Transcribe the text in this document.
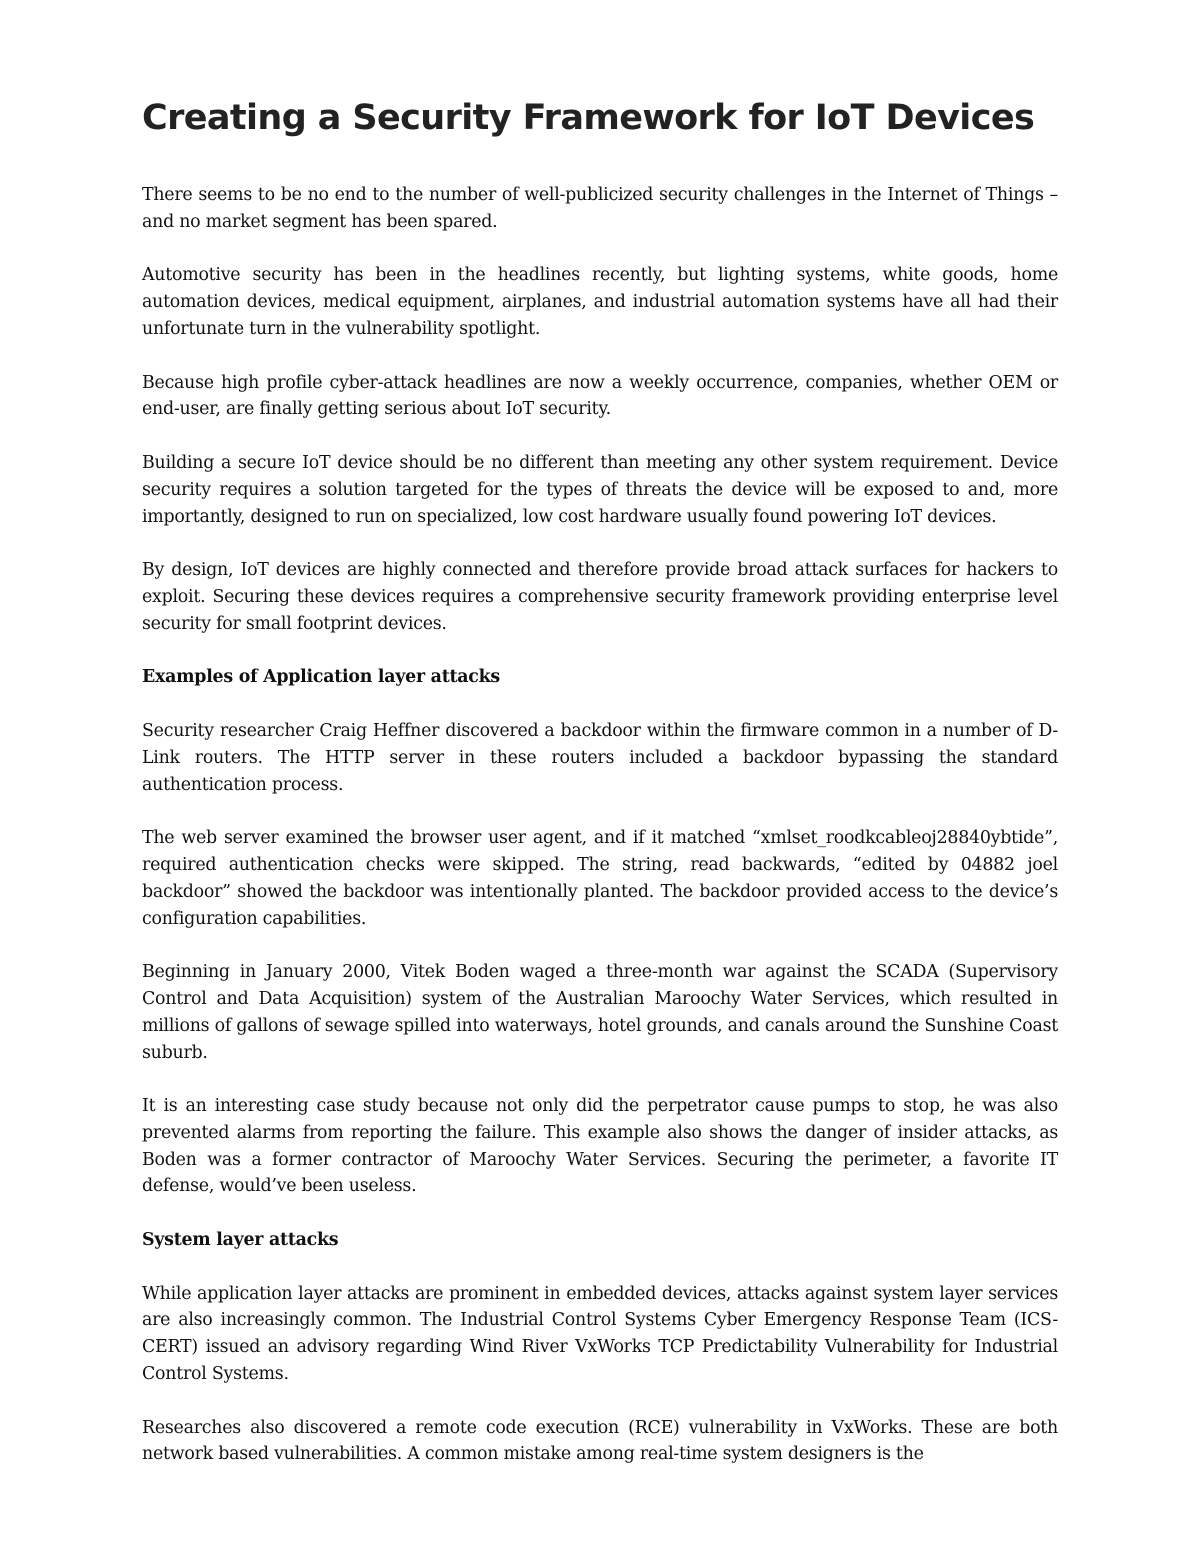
Creating a Security Framework for IoT Devices

There seems to be no end to the number of well-publicized security challenges in the Internet of Things – and no market segment has been spared.

Automotive security has been in the headlines recently, but lighting systems, white goods, home automation devices, medical equipment, airplanes, and industrial automation systems have all had their unfortunate turn in the vulnerability spotlight.

Because high profile cyber-attack headlines are now a weekly occurrence, companies, whether OEM or end-user, are finally getting serious about IoT security.

Building a secure IoT device should be no different than meeting any other system requirement. Device security requires a solution targeted for the types of threats the device will be exposed to and, more importantly, designed to run on specialized, low cost hardware usually found powering IoT devices.

By design, IoT devices are highly connected and therefore provide broad attack surfaces for hackers to exploit. Securing these devices requires a comprehensive security framework providing enterprise level security for small footprint devices.

Examples of Application layer attacks

Security researcher Craig Heffner discovered a backdoor within the firmware common in a number of D-Link routers. The HTTP server in these routers included a backdoor bypassing the standard authentication process.

The web server examined the browser user agent, and if it matched “xmlset_roodkcableoj28840ybtide”, required authentication checks were skipped. The string, read backwards, “edited by 04882 joel backdoor” showed the backdoor was intentionally planted. The backdoor provided access to the device’s configuration capabilities.

Beginning in January 2000, Vitek Boden waged a three-month war against the SCADA (Supervisory Control and Data Acquisition) system of the Australian Maroochy Water Services, which resulted in millions of gallons of sewage spilled into waterways, hotel grounds, and canals around the Sunshine Coast suburb.

It is an interesting case study because not only did the perpetrator cause pumps to stop, he was also prevented alarms from reporting the failure. This example also shows the danger of insider attacks, as Boden was a former contractor of Maroochy Water Services. Securing the perimeter, a favorite IT defense, would’ve been useless.

System layer attacks

While application layer attacks are prominent in embedded devices, attacks against system layer services are also increasingly common. The Industrial Control Systems Cyber Emergency Response Team (ICS-CERT) issued an advisory regarding Wind River VxWorks TCP Predictability Vulnerability for Industrial Control Systems.

Researches also discovered a remote code execution (RCE) vulnerability in VxWorks. These are both network based vulnerabilities. A common mistake among real-time system designers is the
